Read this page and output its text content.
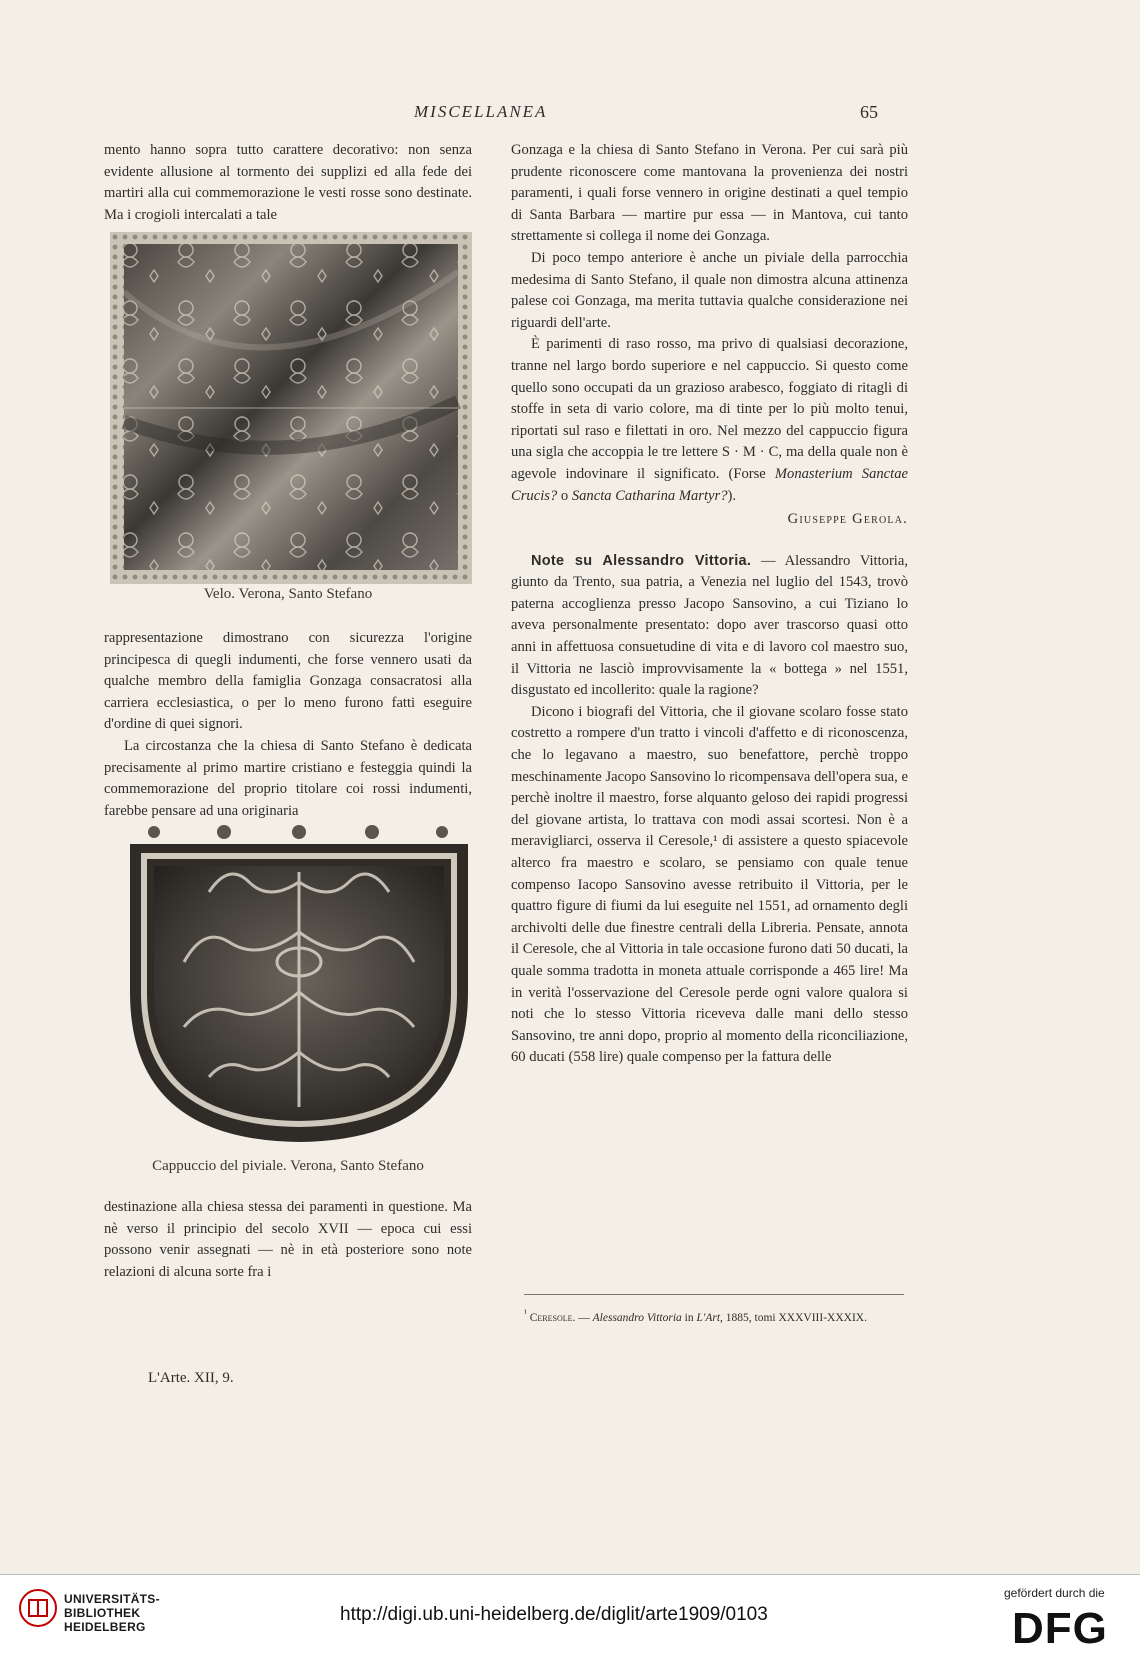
MISCELLANEA	65

mento hanno sopra tutto carattere decorativo: non senza evidente allusione al tormento dei supplizi ed alla fede dei martiri alla cui commemorazione le vesti rosse sono destinate. Ma i crogioli intercalati a tale

Velo. Verona, Santo Stefano

rappresentazione dimostrano con sicurezza l'origine principesca di quegli indumenti, che forse vennero usati da qualche membro della famiglia Gonzaga consacratosi alla carriera ecclesiastica, o per lo meno furono fatti eseguire d'ordine di quei signori.

La circostanza che la chiesa di Santo Stefano è dedicata precisamente al primo martire cristiano e festeggia quindi la commemorazione del proprio titolare coi rossi indumenti, farebbe pensare ad una originaria

Cappuccio del piviale. Verona, Santo Stefano

destinazione alla chiesa stessa dei paramenti in questione. Ma nè verso il principio del secolo XVII — epoca cui essi possono venir assegnati — nè in età posteriore sono note relazioni di alcuna sorte fra i

Gonzaga e la chiesa di Santo Stefano in Verona. Per cui sarà più prudente riconoscere come mantovana la provenienza dei nostri paramenti, i quali forse vennero in origine destinati a quel tempio di Santa Barbara — martire pur essa — in Mantova, cui tanto strettamente si collega il nome dei Gonzaga.

Di poco tempo anteriore è anche un piviale della parrocchia medesima di Santo Stefano, il quale non dimostra alcuna attinenza palese coi Gonzaga, ma merita tuttavia qualche considerazione nei riguardi dell'arte.

È parimenti di raso rosso, ma privo di qualsiasi decorazione, tranne nel largo bordo superiore e nel cappuccio. Si questo come quello sono occupati da un grazioso arabesco, foggiato di ritagli di stoffe in seta di vario colore, ma di tinte per lo più molto tenui, riportati sul raso e filettati in oro. Nel mezzo del cappuccio figura una sigla che accoppia le tre lettere S · M · C, ma della quale non è agevole indovinare il significato. (Forse Monasterium Sanctae Crucis? o Sancta Catharina Martyr?).

Giuseppe Gerola.

Note su Alessandro Vittoria. — Alessandro Vittoria, giunto da Trento, sua patria, a Venezia nel luglio del 1543, trovò paterna accoglienza presso Jacopo Sansovino, a cui Tiziano lo aveva personalmente presentato: dopo aver trascorso quasi otto anni in affettuosa consuetudine di vita e di lavoro col maestro suo, il Vittoria ne lasciò improvvisamente la « bottega » nel 1551, disgustato ed incollerito: quale la ragione?

Dicono i biografi del Vittoria, che il giovane scolaro fosse stato costretto a rompere d'un tratto i vincoli d'affetto e di riconoscenza, che lo legavano a maestro, suo benefattore, perchè troppo meschinamente Jacopo Sansovino lo ricompensava dell'opera sua, e perchè inoltre il maestro, forse alquanto geloso dei rapidi progressi del giovane artista, lo trattava con modi assai scortesi. Non è a meravigliarci, osserva il Ceresole,¹ di assistere a questo spiacevole alterco fra maestro e scolaro, se pensiamo con quale tenue compenso Iacopo Sansovino avesse retribuito il Vittoria, per le quattro figure di fiumi da lui eseguite nel 1551, ad ornamento degli archivolti delle due finestre centrali della Libreria. Pensate, annota il Ceresole, che al Vittoria in tale occasione furono dati 50 ducati, la quale somma tradotta in moneta attuale corrisponde a 465 lire! Ma in verità l'osservazione del Ceresole perde ogni valore qualora si noti che lo stesso Vittoria riceveva dalle mani dello stesso Sansovino, tre anni dopo, proprio al momento della riconciliazione, 60 ducati (558 lire) quale compenso per la fattura delle

$^{^1}$ Ceresole. — Alessandro Vittoria in L'Art, 1885, tomi XXXVIII-XXXIX.
L'Arte. XII, 9.
UNIVERSITÄTS-
BIBLIOTHEK
HEIDELBERG
http://digi.ub.uni-heidelberg.de/diglit/arte1909/0103
gefördert durch die
DFG
